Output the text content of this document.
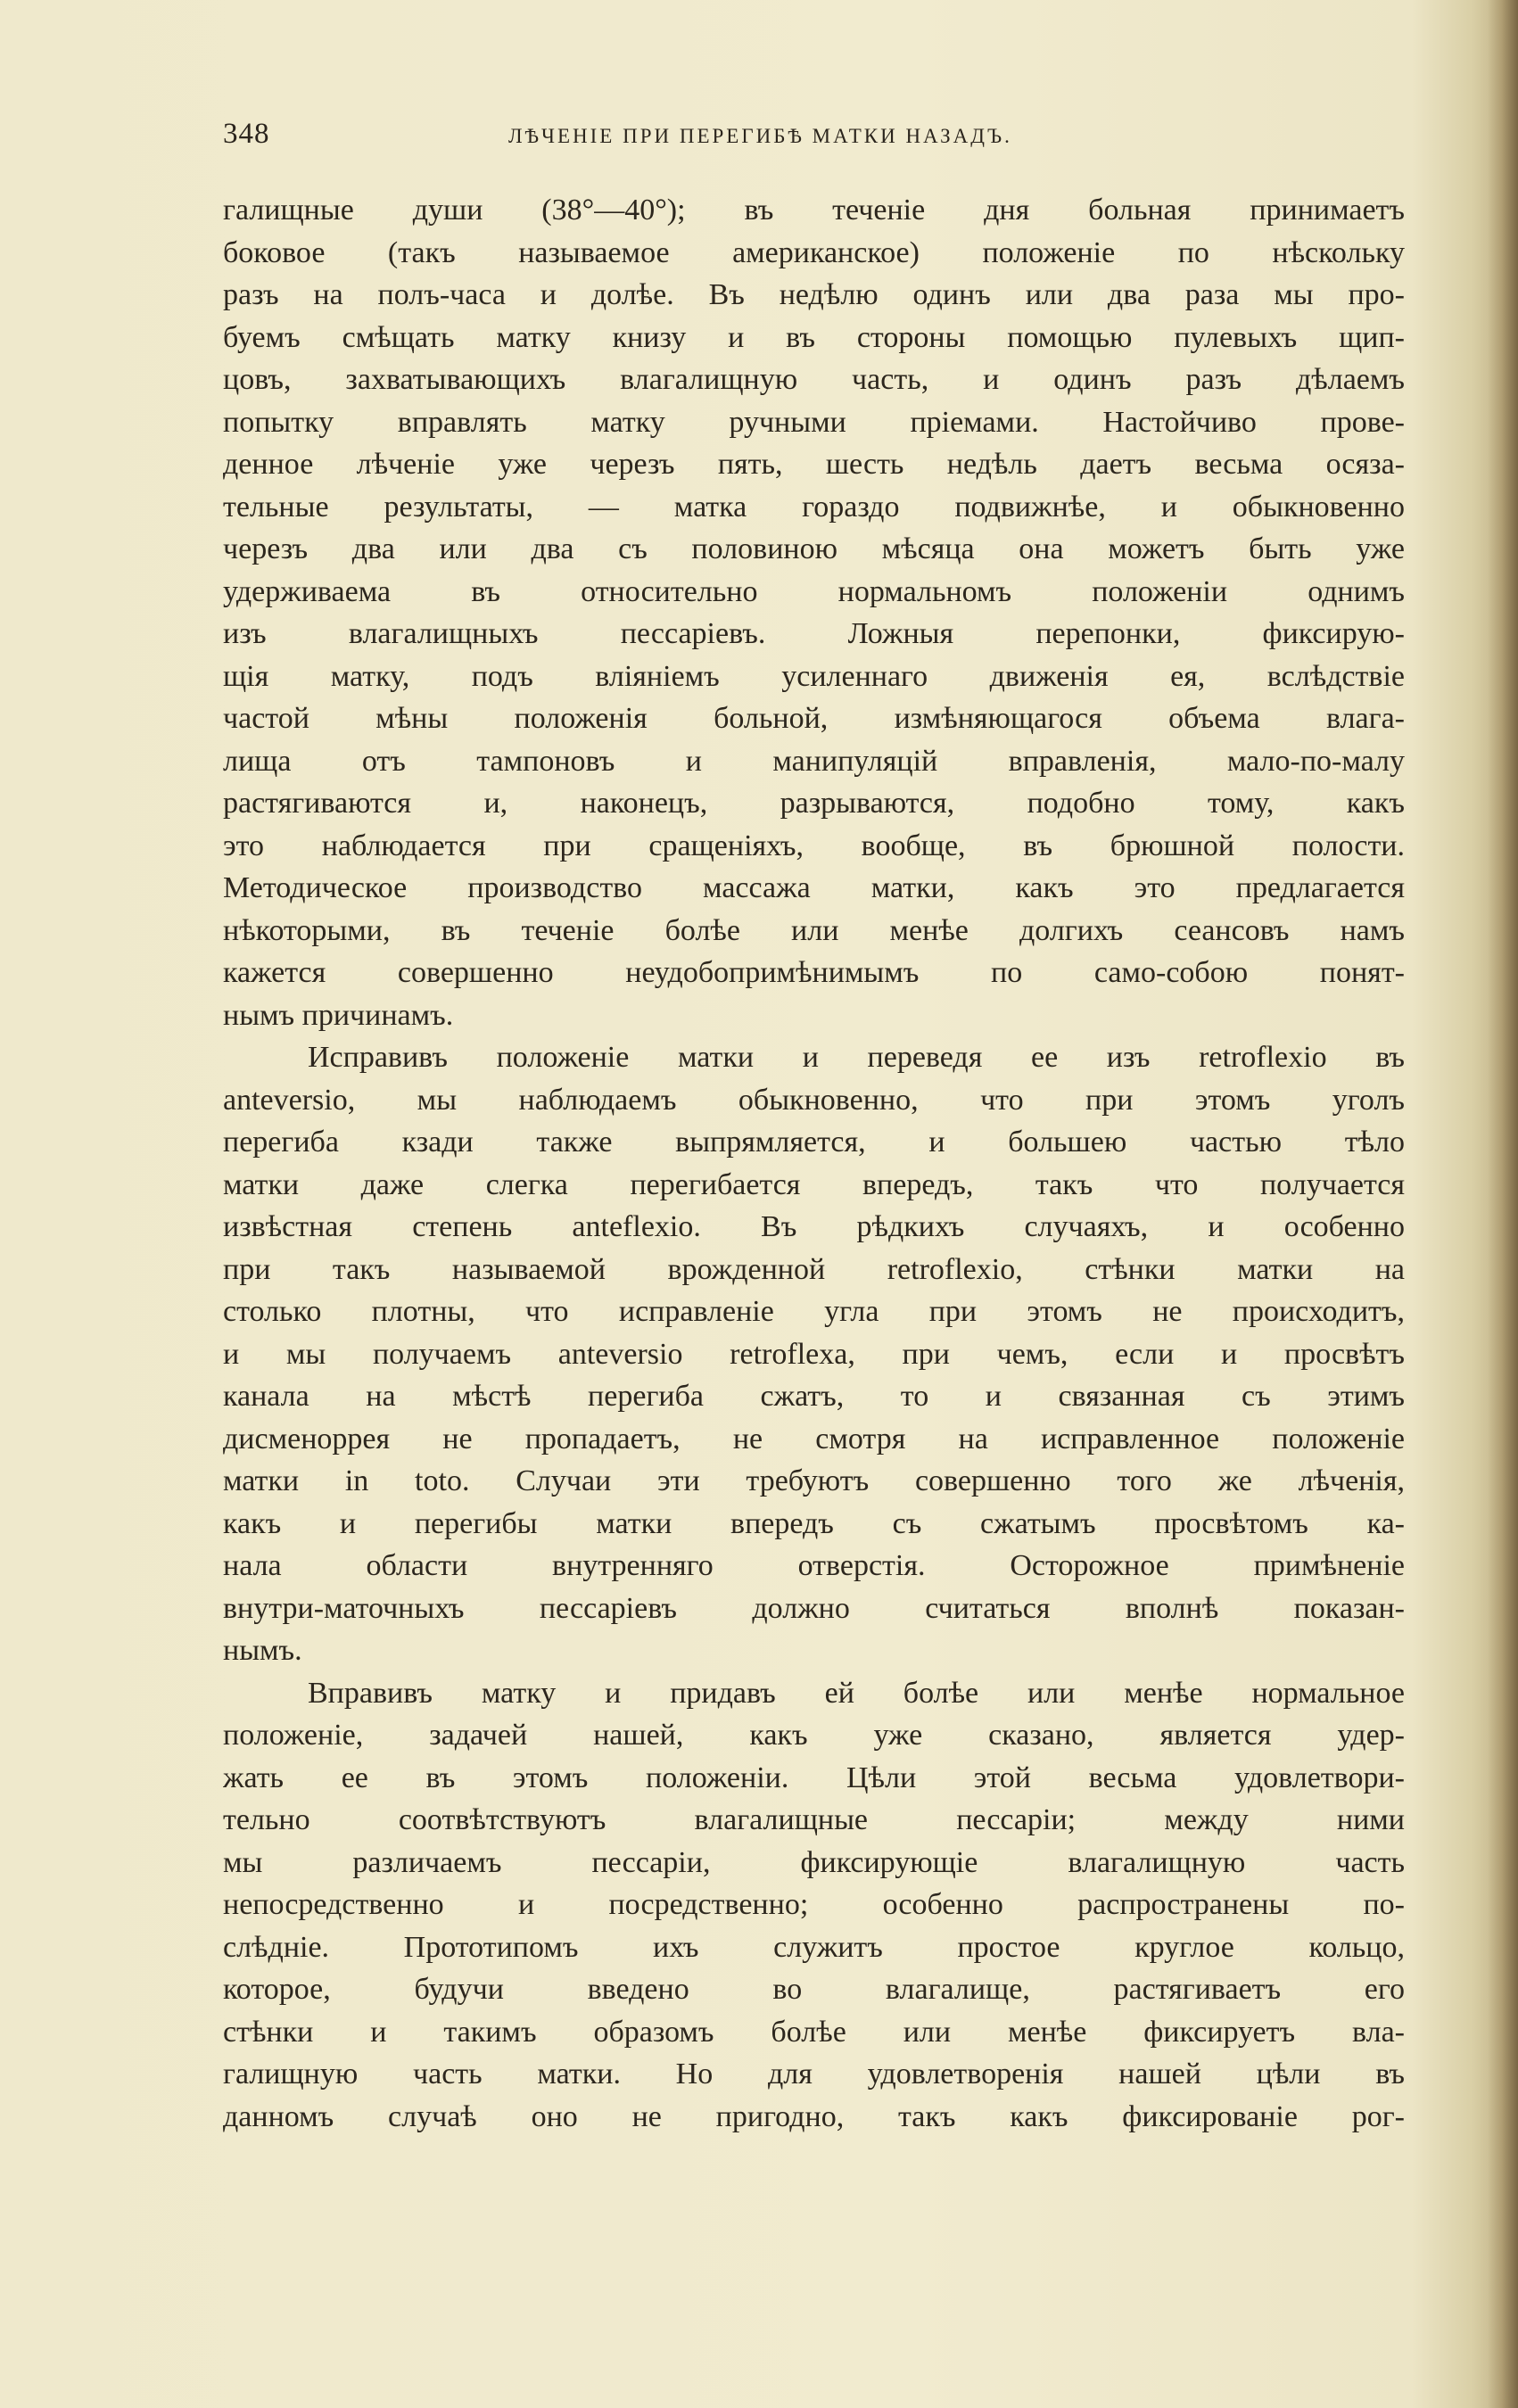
348	ЛѢЧЕНІЕ ПРИ ПЕРЕГИБѢ МАТКИ НАЗАДЪ.
галищные души (38°—40°); въ теченіе дня больная принимаетъ
боковое (такъ называемое американское) положеніе по нѣскольку
разъ на полъ-часа и долѣе. Въ недѣлю одинъ или два раза мы про-
буемъ смѣщать матку книзу и въ стороны помощью пулевыхъ щип-
цовъ, захватывающихъ влагалищную часть, и одинъ разъ дѣлаемъ
попытку вправлять матку ручными пріемами. Настойчиво прове-
денное лѣченіе уже черезъ пять, шесть недѣль даетъ весьма осяза-
тельные результаты, — матка гораздо подвижнѣе, и обыкновенно
черезъ два или два съ половиною мѣсяца она можетъ быть уже
удерживаема въ относительно нормальномъ положеніи однимъ
изъ влагалищныхъ пессаріевъ. Ложныя перепонки, фиксирую-
щія матку, подъ вліяніемъ усиленнаго движенія ея, вслѣдствіе
частой мѣны положенія больной, измѣняющагося объема влага-
лища отъ тампоновъ и манипуляцій вправленія, мало-по-малу
растягиваются и, наконецъ, разрываются, подобно тому, какъ
это наблюдается при сращеніяхъ, вообще, въ брюшной полости.
Методическое производство массажа матки, какъ это предлагается
нѣкоторыми, въ теченіе болѣе или менѣе долгихъ сеансовъ намъ
кажется совершенно неудобопримѣнимымъ по само-собою понят-
нымъ причинамъ.
Исправивъ положеніе матки и переведя ее изъ retroflexio въ
anteversio, мы наблюдаемъ обыкновенно, что при этомъ уголъ
перегиба кзади также выпрямляется, и большею частью тѣло
матки даже слегка перегибается впередъ, такъ что получается
извѣстная степень anteflexio. Въ рѣдкихъ случаяхъ, и особенно
при такъ называемой врожденной retroflexio, стѣнки матки на
столько плотны, что исправленіе угла при этомъ не происходитъ,
и мы получаемъ anteversio retroflexa, при чемъ, если и просвѣтъ
канала на мѣстѣ перегиба сжатъ, то и связанная съ этимъ
дисменоррея не пропадаетъ, не смотря на исправленное положеніе
матки in toto. Случаи эти требуютъ совершенно того же лѣченія,
какъ и перегибы матки впередъ съ сжатымъ просвѣтомъ ка-
нала области внутренняго отверстія. Осторожное примѣненіе
внутри-маточныхъ пессаріевъ должно считаться вполнѣ показан-
нымъ.
Вправивъ матку и придавъ ей болѣе или менѣе нормальное
положеніе, задачей нашей, какъ уже сказано, является удер-
жать ее въ этомъ положеніи. Цѣли этой весьма удовлетвори-
тельно соотвѣтствуютъ влагалищные пессаріи; между ними
мы различаемъ пессаріи, фиксирующіе влагалищную часть
непосредственно и посредственно; особенно распространены по-
слѣдніе. Прототипомъ ихъ служитъ простое круглое кольцо,
которое, будучи введено во влагалище, растягиваетъ его
стѣнки и такимъ образомъ болѣе или менѣе фиксируетъ вла-
галищную часть матки. Но для удовлетворенія нашей цѣли въ
данномъ случаѣ оно не пригодно, такъ какъ фиксированіе рог-
